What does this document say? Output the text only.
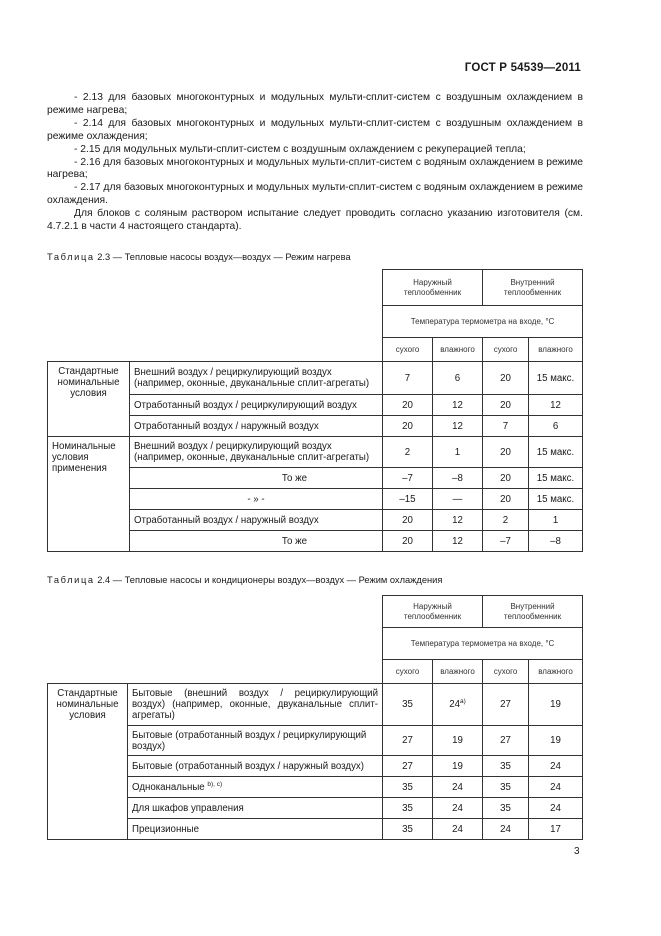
ГОСТ Р 54539—2011

- 2.13 для базовых многоконтурных и модульных мульти-сплит-систем с воздушным охлаждением в режиме нагрева;

- 2.14 для базовых многоконтурных и модульных мульти-сплит-систем с воздушным охлаждением в режиме охлаждения;

- 2.15 для модульных мульти-сплит-систем с воздушным охлаждением с рекуперацией тепла;

- 2.16 для базовых многоконтурных и модульных мульти-сплит-систем с водяным охлаждением в режиме нагрева;

- 2.17 для базовых многоконтурных и модульных мульти-сплит-систем с водяным охлаждением в режиме охлаждения.

Для блоков с соляным раствором испытание следует проводить согласно указанию изготовителя (см. 4.7.2.1 в части 4 настоящего стандарта).

Таблица 2.3 — Тепловые насосы воздух—воздух — Режим нагрева
		Наружный теплообменник		Внутренний теплообменник	
		Температура термометра на входе, °С			
		сухого	влажного	сухого	влажного
Стандартные номинальные условия	Внешний воздух / рециркулирующий воздух (например, оконные, двуканальные сплит-агрегаты)	7	6	20	15 макс.
	Отработанный воздух / рециркулирующий воздух	20	12	20	12
	Отработанный воздух / наружный воздух	20	12	7	6
Номинальные условия применения	Внешний воздух / рециркулирующий воздух (например, оконные, двуканальные сплит-агрегаты)	2	1	20	15 макс.
	То же	–7	–8	20	15 макс.
	- » -	–15	—	20	15 макс.
	Отработанный воздух / наружный воздух	20	12	2	1
	То же	20	12	–7	–8
Таблица 2.4 — Тепловые насосы и кондиционеры воздух—воздух — Режим охлаждения
		Наружный теплообменник		Внутренний теплообменник	
		Температура термометра на входе, °С			
		сухого	влажного	сухого	влажного
Стандартные номинальные условия	Бытовые (внешний воздух / рециркулирующий воздух) (например, оконные, двуканальные сплит-агрегаты)	35	$24^{а)}$	27	19
	Бытовые (отработанный воздух / рециркулирующий воздух)	27	19	27	19
	Бытовые (отработанный воздух / наружный воздух)	27	19	35	24
	Одноканальные $^{b), c)}$	35	24	35	24
	Для шкафов управления	35	24	35	24
	Прецизионные	35	24	24	17
3
